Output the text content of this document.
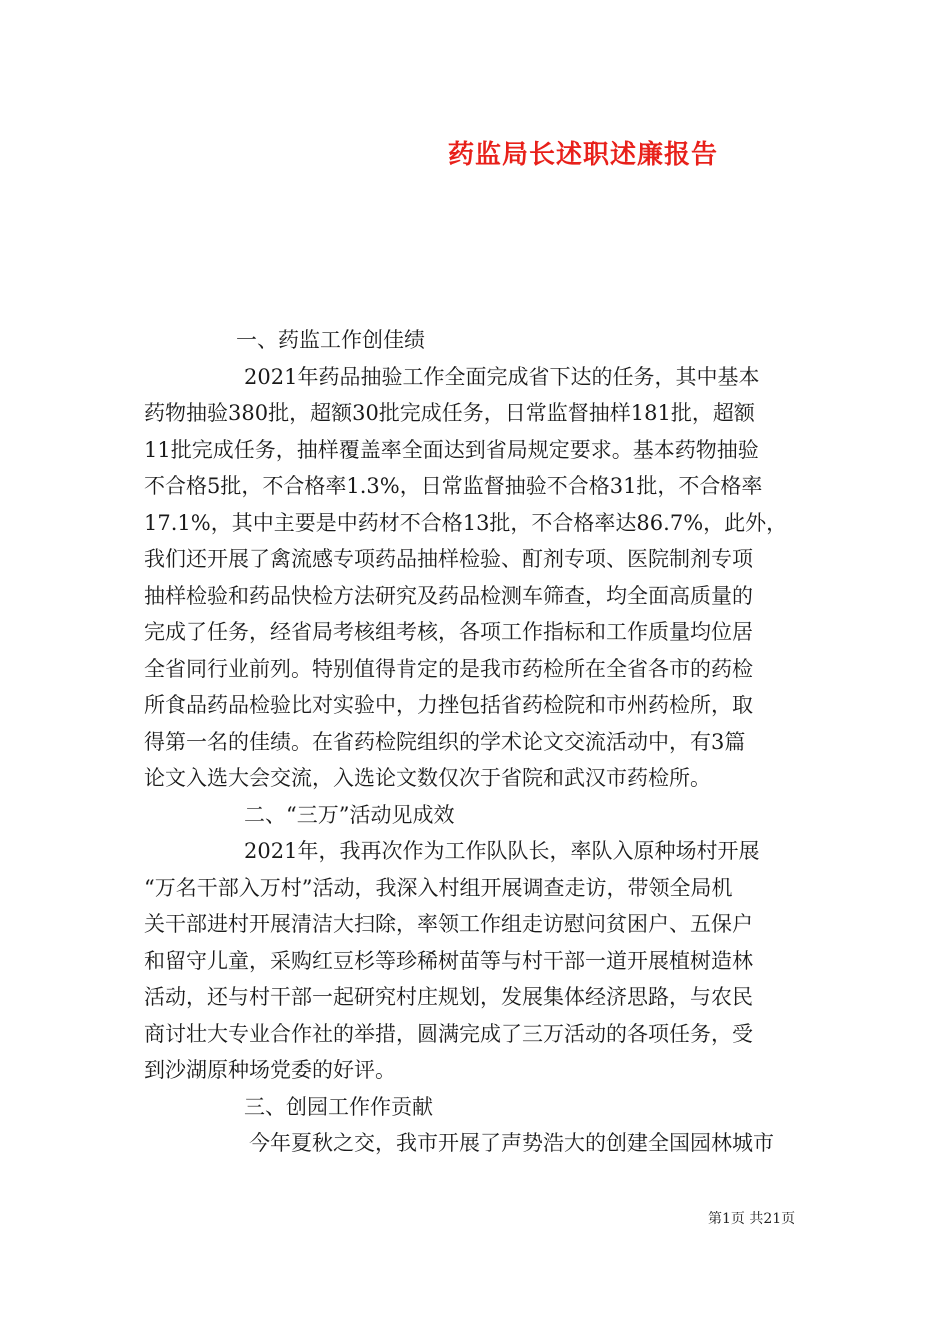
药监局长述职述廉报告
一、药监工作创佳绩
2021年药品抽验工作全面完成省下达的任务，其中基本
药物抽验380批，超额30批完成任务，日常监督抽样181批，超额
11批完成任务，抽样覆盖率全面达到省局规定要求。基本药物抽验
不合格5批，不合格率1.3%，日常监督抽验不合格31批，不合格率
17.1%，其中主要是中药材不合格13批，不合格率达86.7%，此外，
我们还开展了禽流感专项药品抽样检验、酊剂专项、医院制剂专项
抽样检验和药品快检方法研究及药品检测车筛查，均全面高质量的
完成了任务，经省局考核组考核，各项工作指标和工作质量均位居
全省同行业前列。特别值得肯定的是我市药检所在全省各市的药检
所食品药品检验比对实验中，力挫包括省药检院和市州药检所，取
得第一名的佳绩。在省药检院组织的学术论文交流活动中，有3篇
论文入选大会交流，入选论文数仅次于省院和武汉市药检所。
二、“三万”活动见成效
2021年，我再次作为工作队队长，率队入原种场村开展
“万名干部入万村”活动，我深入村组开展调查走访，带领全局机
关干部进村开展清洁大扫除，率领工作组走访慰问贫困户、五保户
和留守儿童，采购红豆杉等珍稀树苗等与村干部一道开展植树造林
活动，还与村干部一起研究村庄规划，发展集体经济思路，与农民
商讨壮大专业合作社的举措，圆满完成了三万活动的各项任务，受
到沙湖原种场党委的好评。
三、创园工作作贡献
今年夏秋之交，我市开展了声势浩大的创建全国园林城市
第1页 共21页
